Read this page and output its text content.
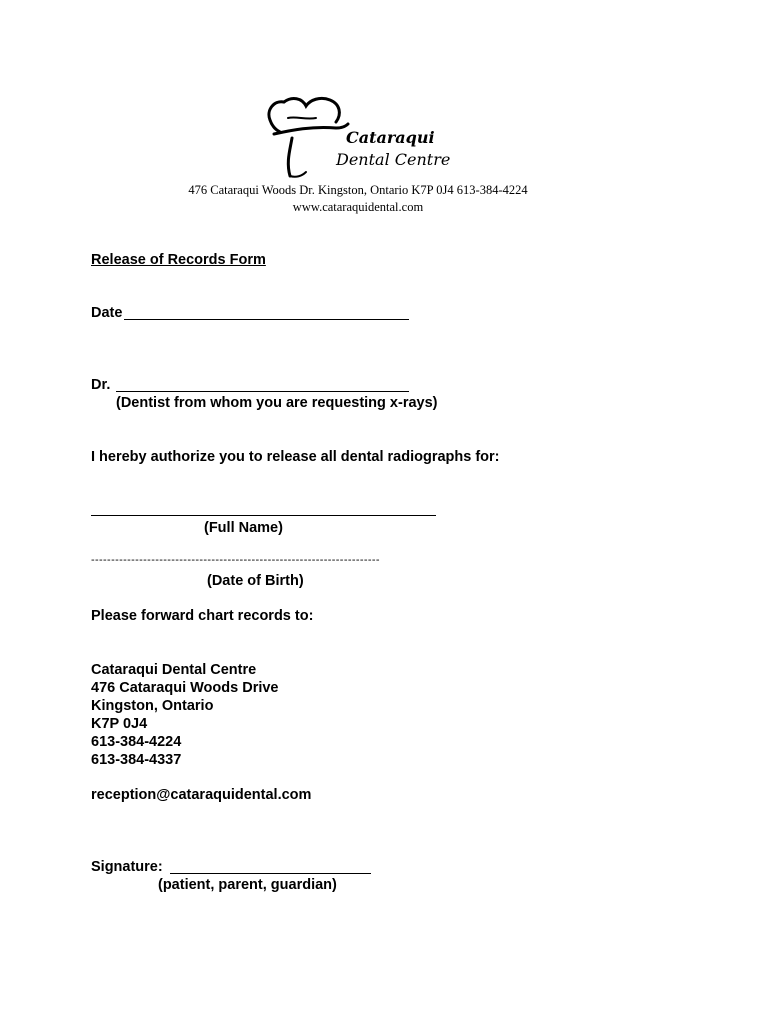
Cataraqui
Dental Centre
476 Cataraqui Woods Dr. Kingston, Ontario K7P 0J4 613-384-4224
www.cataraquidental.com
Release of Records Form
Date
Dr.
(Dentist from whom you are requesting x-rays)
I hereby authorize you to release all dental radiographs for:
(Full Name)
------------------------------------------------------------------------
(Date of Birth)
Please forward chart records to:
Cataraqui Dental Centre
476 Cataraqui Woods Drive
Kingston, Ontario
K7P 0J4
613-384-4224
613-384-4337
reception@cataraquidental.com
Signature:
(patient, parent, guardian)
